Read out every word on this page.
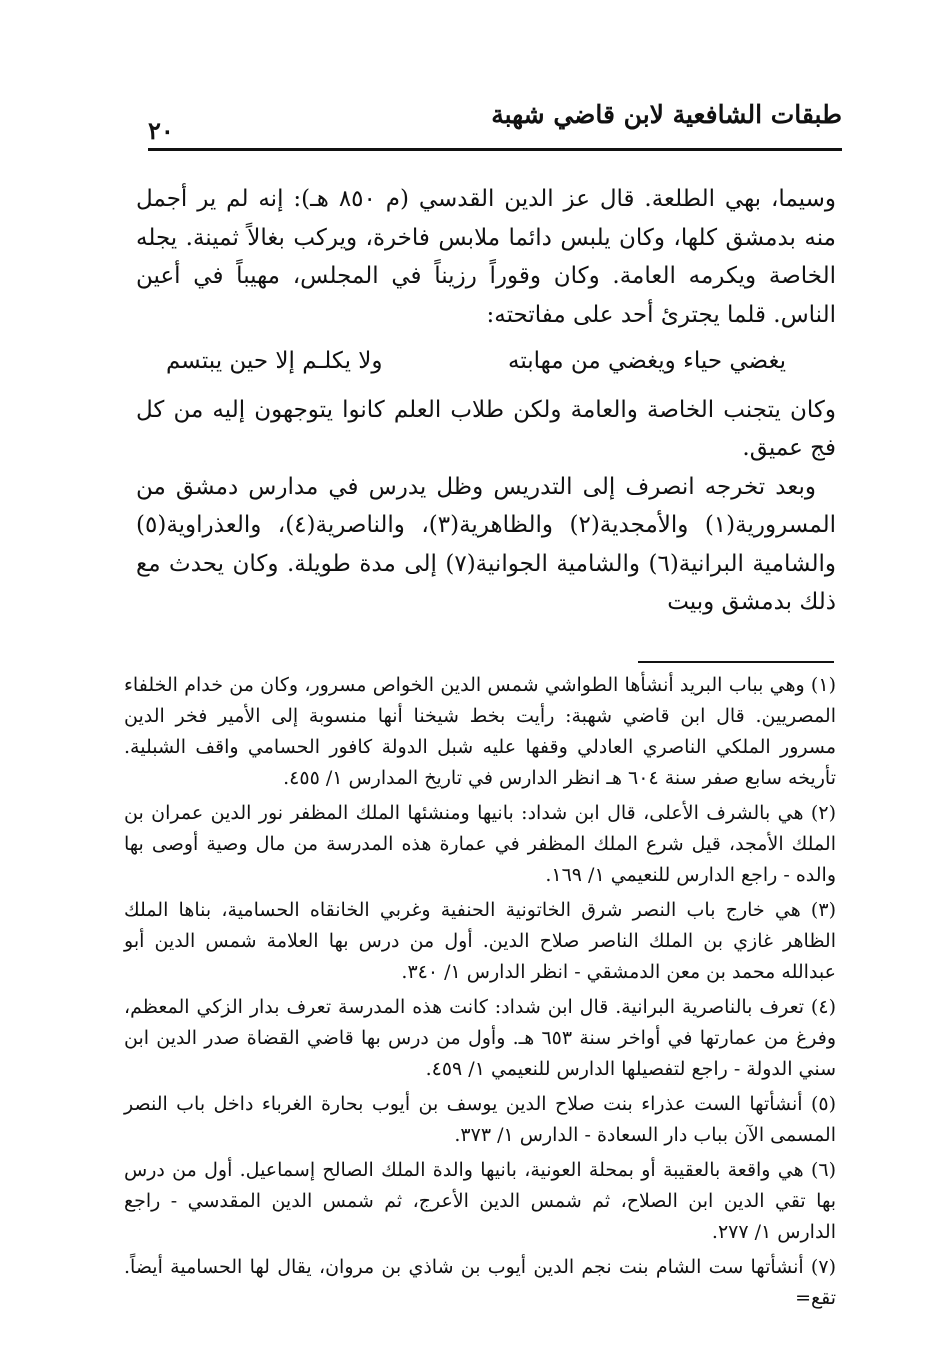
طبقات الشافعية لابن قاضي شهبة
٢٠

وسيما، بهي الطلعة. قال عز الدين القدسي (م ٨٥٠ هـ): إنه لم ير أجمل منه بدمشق كلها، وكان يلبس دائما ملابس فاخرة، ويركب بغالاً ثمينة. يجله الخاصة ويكرمه العامة. وكان وقوراً رزيناً في المجلس، مهيباً في أعين الناس. قلما يجترئ أحد على مفاتحته:

يغضي حياء ويغضي من مهابته
ولا يكلـم إلا حين يبتسم

وكان يتجنب الخاصة والعامة ولكن طلاب العلم كانوا يتوجهون إليه من كل فج عميق.

وبعد تخرجه انصرف إلى التدريس وظل يدرس في مدارس دمشق من المسرورية(١) والأمجدية(٢) والظاهرية(٣)، والناصرية(٤)، والعذراوية(٥) والشامية البرانية(٦) والشامية الجوانية(٧) إلى مدة طويلة. وكان يحدث مع ذلك بدمشق وبيت

(١) وهي بباب البريد أنشأها الطواشي شمس الدين الخواص مسرور، وكان من خدام الخلفاء المصريين. قال ابن قاضي شهبة: رأيت بخط شيخنا أنها منسوبة إلى الأمير فخر الدين مسرور الملكي الناصري العادلي وقفها عليه شبل الدولة كافور الحسامي واقف الشبلية. تأريخه سابع صفر سنة ٦٠٤ هـ انظر الدارس في تاريخ المدارس ١/ ٤٥٥.

(٢) هي بالشرف الأعلى، قال ابن شداد: بانيها ومنشئها الملك المظفر نور الدين عمران بن الملك الأمجد، قيل شرع الملك المظفر في عمارة هذه المدرسة من مال وصية أوصى بها والده - راجع الدارس للنعيمي ١/ ١٦٩.

(٣) هي خارج باب النصر شرق الخاتونية الحنفية وغربي الخانقاه الحسامية، بناها الملك الظاهر غازي بن الملك الناصر صلاح الدين. أول من درس بها العلامة شمس الدين أبو عبدالله محمد بن معن الدمشقي - انظر الدارس ١/ ٣٤٠.

(٤) تعرف بالناصرية البرانية. قال ابن شداد: كانت هذه المدرسة تعرف بدار الزكي المعظم، وفرغ من عمارتها في أواخر سنة ٦٥٣ هـ. وأول من درس بها قاضي القضاة صدر الدين ابن سني الدولة - راجع لتفصيلها الدارس للنعيمي ١/ ٤٥٩.

(٥) أنشأتها الست عذراء بنت صلاح الدين يوسف بن أيوب بحارة الغرباء داخل باب النصر المسمى الآن بباب دار السعادة - الدارس ١/ ٣٧٣.

(٦) هي واقعة بالعقيبة أو بمحلة العونية، بانيها والدة الملك الصالح إسماعيل. أول من درس بها تقي الدين ابن الصلاح، ثم شمس الدين الأعرج، ثم شمس الدين المقدسي - راجع الدارس ١/ ٢٧٧.

(٧) أنشأتها ست الشام بنت نجم الدين أيوب بن شاذي بن مروان، يقال لها الحسامية أيضاً. تقع=
